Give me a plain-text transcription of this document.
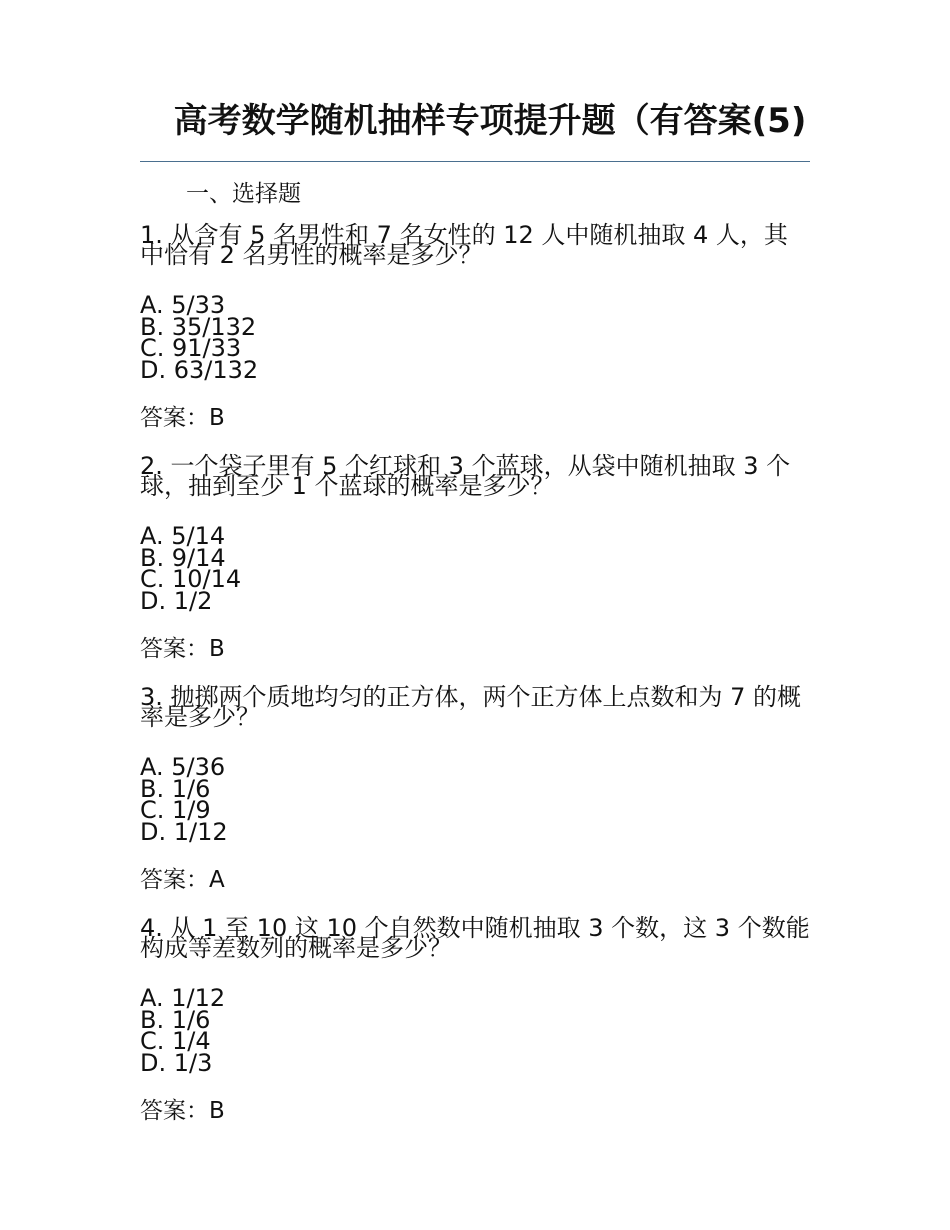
高考数学随机抽样专项提升题（有答案(5)

一、选择题

1. 从含有 5 名男性和 7 名女性的 12 人中随机抽取 4 人，其中恰有 2 名男性的概率是多少？

A. 5/33
B. 35/132
C. 91/33
D. 63/132

答案：B

2. 一个袋子里有 5 个红球和 3 个蓝球，从袋中随机抽取 3 个球，抽到至少 1 个蓝球的概率是多少？

A. 5/14
B. 9/14
C. 10/14
D. 1/2

答案：B

3. 抛掷两个质地均匀的正方体，两个正方体上点数和为 7 的概率是多少？

A. 5/36
B. 1/6
C. 1/9
D. 1/12

答案：A

4. 从 1 至 10 这 10 个自然数中随机抽取 3 个数，这 3 个数能构成等差数列的概率是多少？

A. 1/12
B. 1/6
C. 1/4
D. 1/3

答案：B
